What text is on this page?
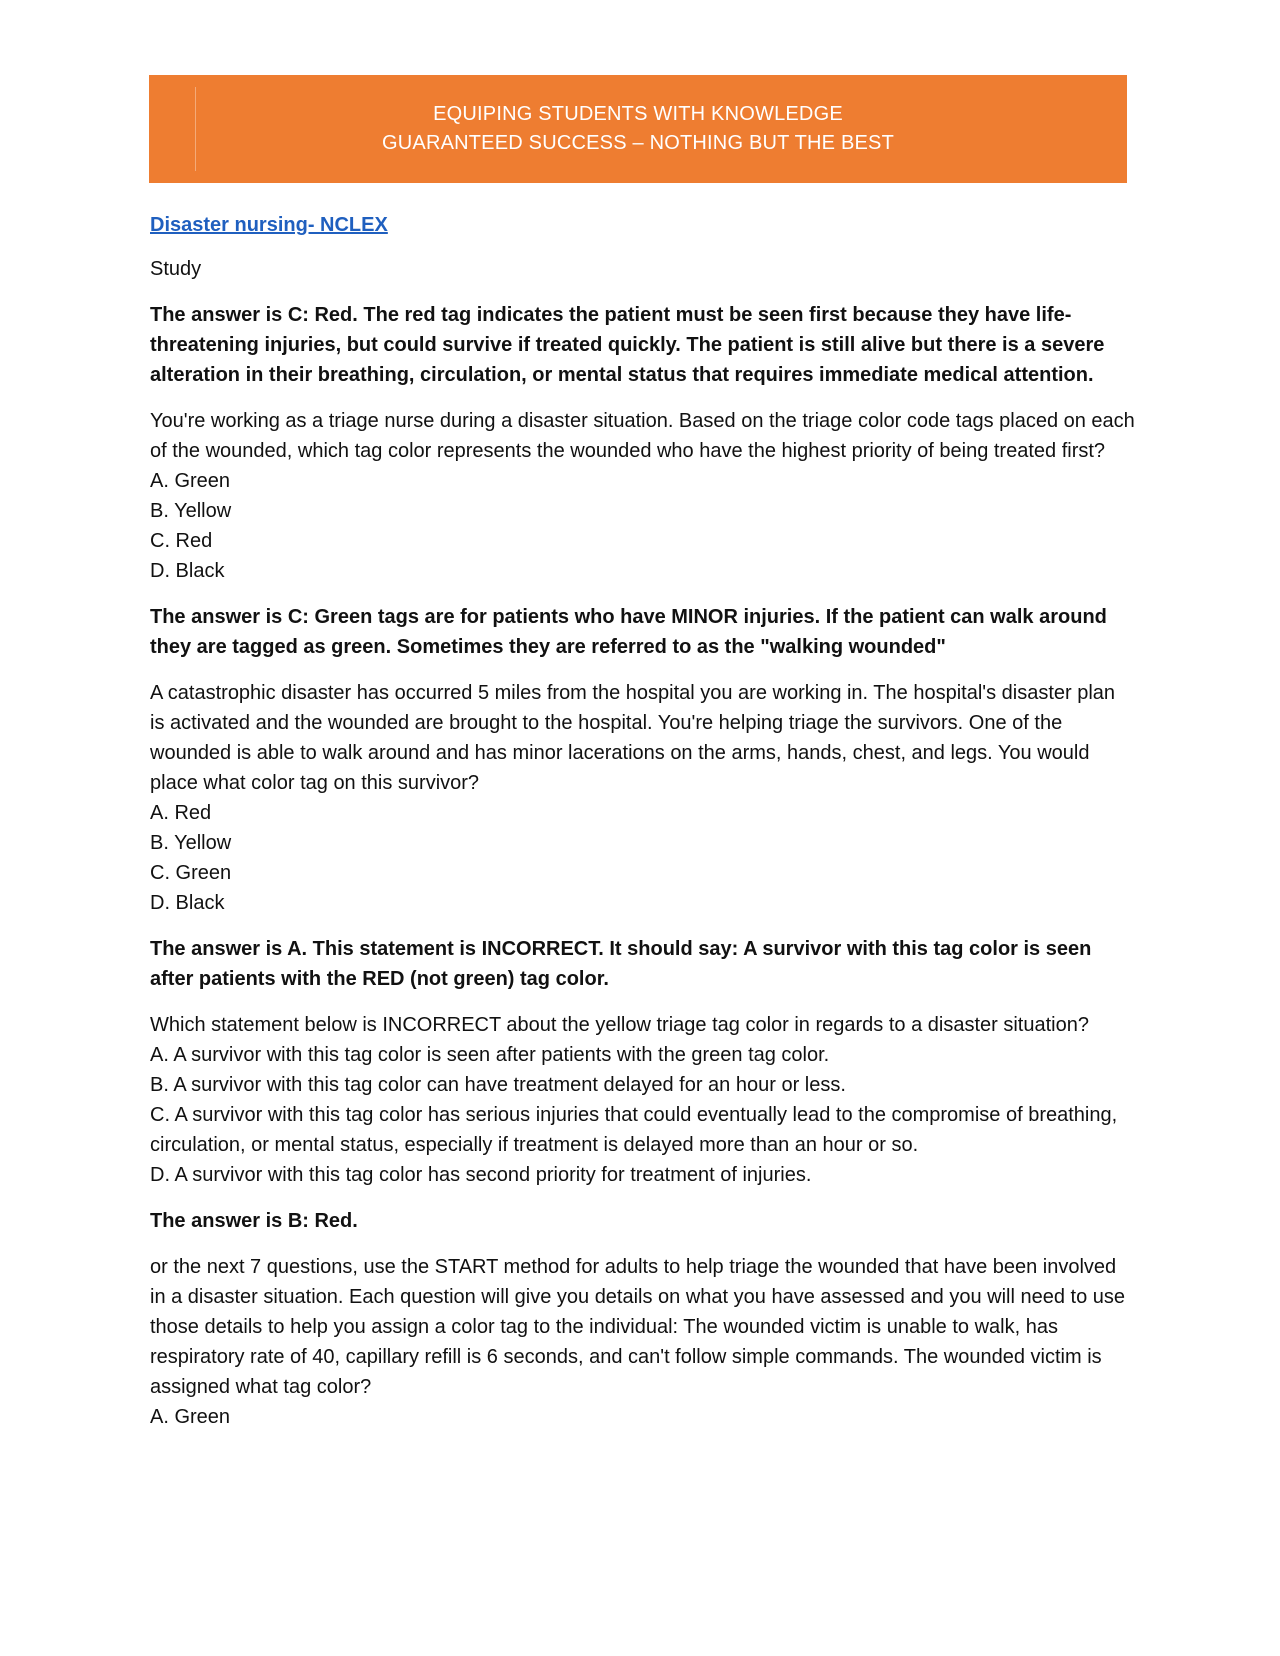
EQUIPING STUDENTS WITH KNOWLEDGE
GUARANTEED SUCCESS – NOTHING BUT THE BEST
Disaster nursing- NCLEX

Study

The answer is C: Red. The red tag indicates the patient must be seen first because they have life-threatening injuries, but could survive if treated quickly. The patient is still alive but there is a severe alteration in their breathing, circulation, or mental status that requires immediate medical attention.

You're working as a triage nurse during a disaster situation. Based on the triage color code tags placed on each of the wounded, which tag color represents the wounded who have the highest priority of being treated first?

A. Green
B. Yellow
C. Red
D. Black

The answer is C: Green tags are for patients who have MINOR injuries. If the patient can walk around they are tagged as green. Sometimes they are referred to as the "walking wounded"

A catastrophic disaster has occurred 5 miles from the hospital you are working in. The hospital's disaster plan is activated and the wounded are brought to the hospital. You're helping triage the survivors. One of the wounded is able to walk around and has minor lacerations on the arms, hands, chest, and legs. You would place what color tag on this survivor?

A. Red
B. Yellow
C. Green
D. Black

The answer is A. This statement is INCORRECT. It should say: A survivor with this tag color is seen after patients with the RED (not green) tag color.

Which statement below is INCORRECT about the yellow triage tag color in regards to a disaster situation?

A. A survivor with this tag color is seen after patients with the green tag color.
B. A survivor with this tag color can have treatment delayed for an hour or less.
C. A survivor with this tag color has serious injuries that could eventually lead to the compromise of breathing, circulation, or mental status, especially if treatment is delayed more than an hour or so.
D. A survivor with this tag color has second priority for treatment of injuries.

The answer is B: Red.

or the next 7 questions, use the START method for adults to help triage the wounded that have been involved in a disaster situation. Each question will give you details on what you have assessed and you will need to use those details to help you assign a color tag to the individual: The wounded victim is unable to walk, has respiratory rate of 40, capillary refill is 6 seconds, and can't follow simple commands. The wounded victim is assigned what tag color?

A. Green
